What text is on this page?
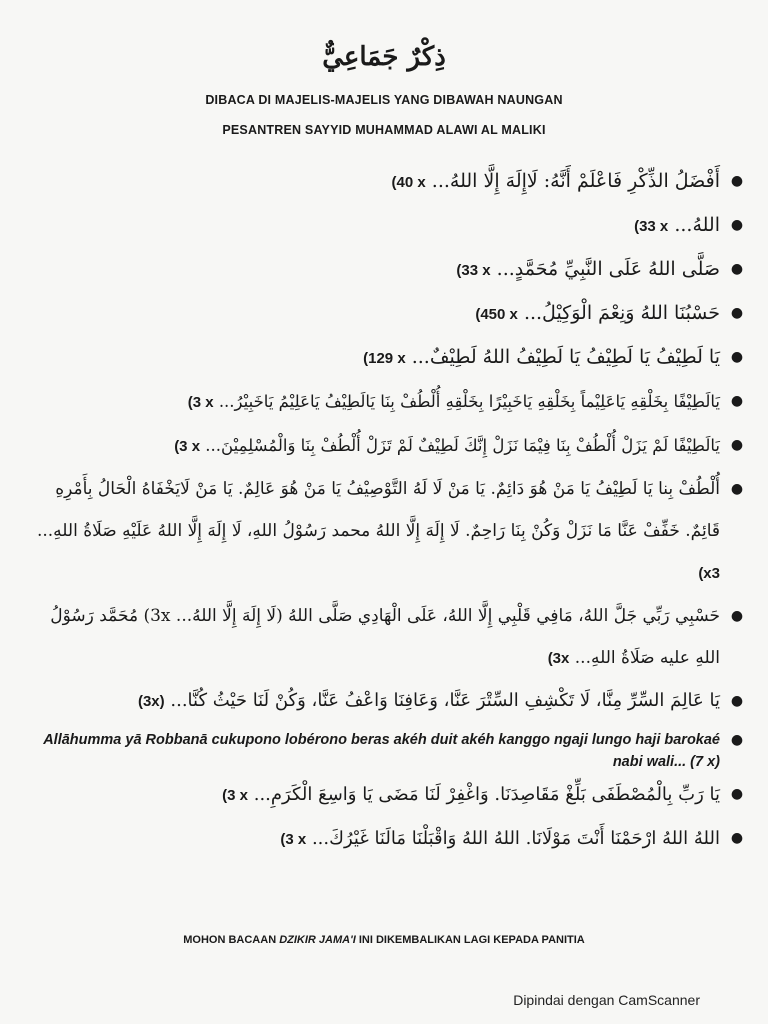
ذِكْرٌ جَمَاعِيٌّ
DIBACA DI MAJELIS-MAJELIS YANG DIBAWAH NAUNGAN
PESANTREN SAYYID MUHAMMAD ALAWI AL MALIKI
أَفْضَلُ الذِّكْرِ فَاعْلَمْ أَنَّهُ: لَاإِلَهَ إِلَّا اللهُ... (40 x	●
اللهُ... (33 x	●
صَلَّى اللهُ عَلَى النَّبِيِّ مُحَمَّدٍ... (33 x	●
حَسْبُنَا اللهُ وَنِعْمَ الْوَكِيْلُ... (450 x	●
يَا لَطِيْفُ يَا لَطِيْفُ يَا لَطِيْفُ اللهُ لَطِيْفٌ... (129 x	●
يَالَطِيْفًا بِخَلْقِهِ يَاعَلِيْماً بِخَلْقِهِ يَاخَبِيْرًا بِخَلْقِهِ أُلْطُفْ بِنَا يَالَطِيْفُ يَاعَلِيْمُ يَاخَبِيْرُ... (3 x	●
يَالَطِيْفًا لَمْ يَزَلْ أُلْطُفْ بِنَا فِيْمَا نَزَلْ إِنَّكَ لَطِيْفٌ لَمْ تَزَلْ أُلْطُفْ بِنَا وَالْمُسْلِمِيْنَ... (3 x	●
أُلْطُفْ بِنا يَا لَطِيْفُ يَا مَنْ هُوَ دَائِمٌ. يَا مَنْ لَا لَهُ التَّوْصِيْفُ يَا مَنْ هُوَ عَالِمٌ. يَا مَنْ لَايَخْفَاهُ الْحَالُ بِأَمْرِهِ قَائِمٌ. خَفِّفْ عَنَّا مَا نَزَلْ وَكُنْ بِنَا رَاحِمٌ. لَا إِلَهَ إِلَّا اللهُ محمد رَسُوْلُ اللهِ، لَا إِلَهَ إِلَّا اللهُ عَلَيْهِ صَلَاةُ اللهِ... (x3
●
حَسْبِي رَبِّي جَلَّ اللهُ، مَافِي قَلْبِي إِلَّا اللهُ، عَلَى الْهَادِي صَلَّى اللهُ (لَا إِلَهَ إِلَّا اللهُ... 3x) مُحَمَّد رَسُوْلُ اللهِ عليه صَلَاةُ اللهِ... (3x
●
يَا عَالِمَ السِّرِّ مِنَّا، لَا تَكْشِفِ السِّتْرَ عَنَّا، وَعَافِنَا وَاعْفُ عَنَّا، وَكُنْ لَنَا حَيْثُ كُنَّا... (3x)	●
Allāhumma yā Robbanā cukupono lobérono beras akéh duit akéh kanggo ngaji lungo haji barokaé nabi wali... (7 x)
●
يَا رَبِّ بِالْمُصْطَفَى بَلِّغْ مَقَاصِدَنَا. وَاغْفِرْ لَنَا مَضَى يَا وَاسِعَ الْكَرَمِ... (3 x	●
اللهُ اللهُ ارْحَمْنَا أَنْتَ مَوْلَانَا. اللهُ اللهُ وَاقْبَلْنَا مَالَنَا غَيْرُكَ... (3 x	●
MOHON BACAAN DZIKIR JAMA'I INI DIKEMBALIKAN LAGI KEPADA PANITIA
Dipindai dengan CamScanner
